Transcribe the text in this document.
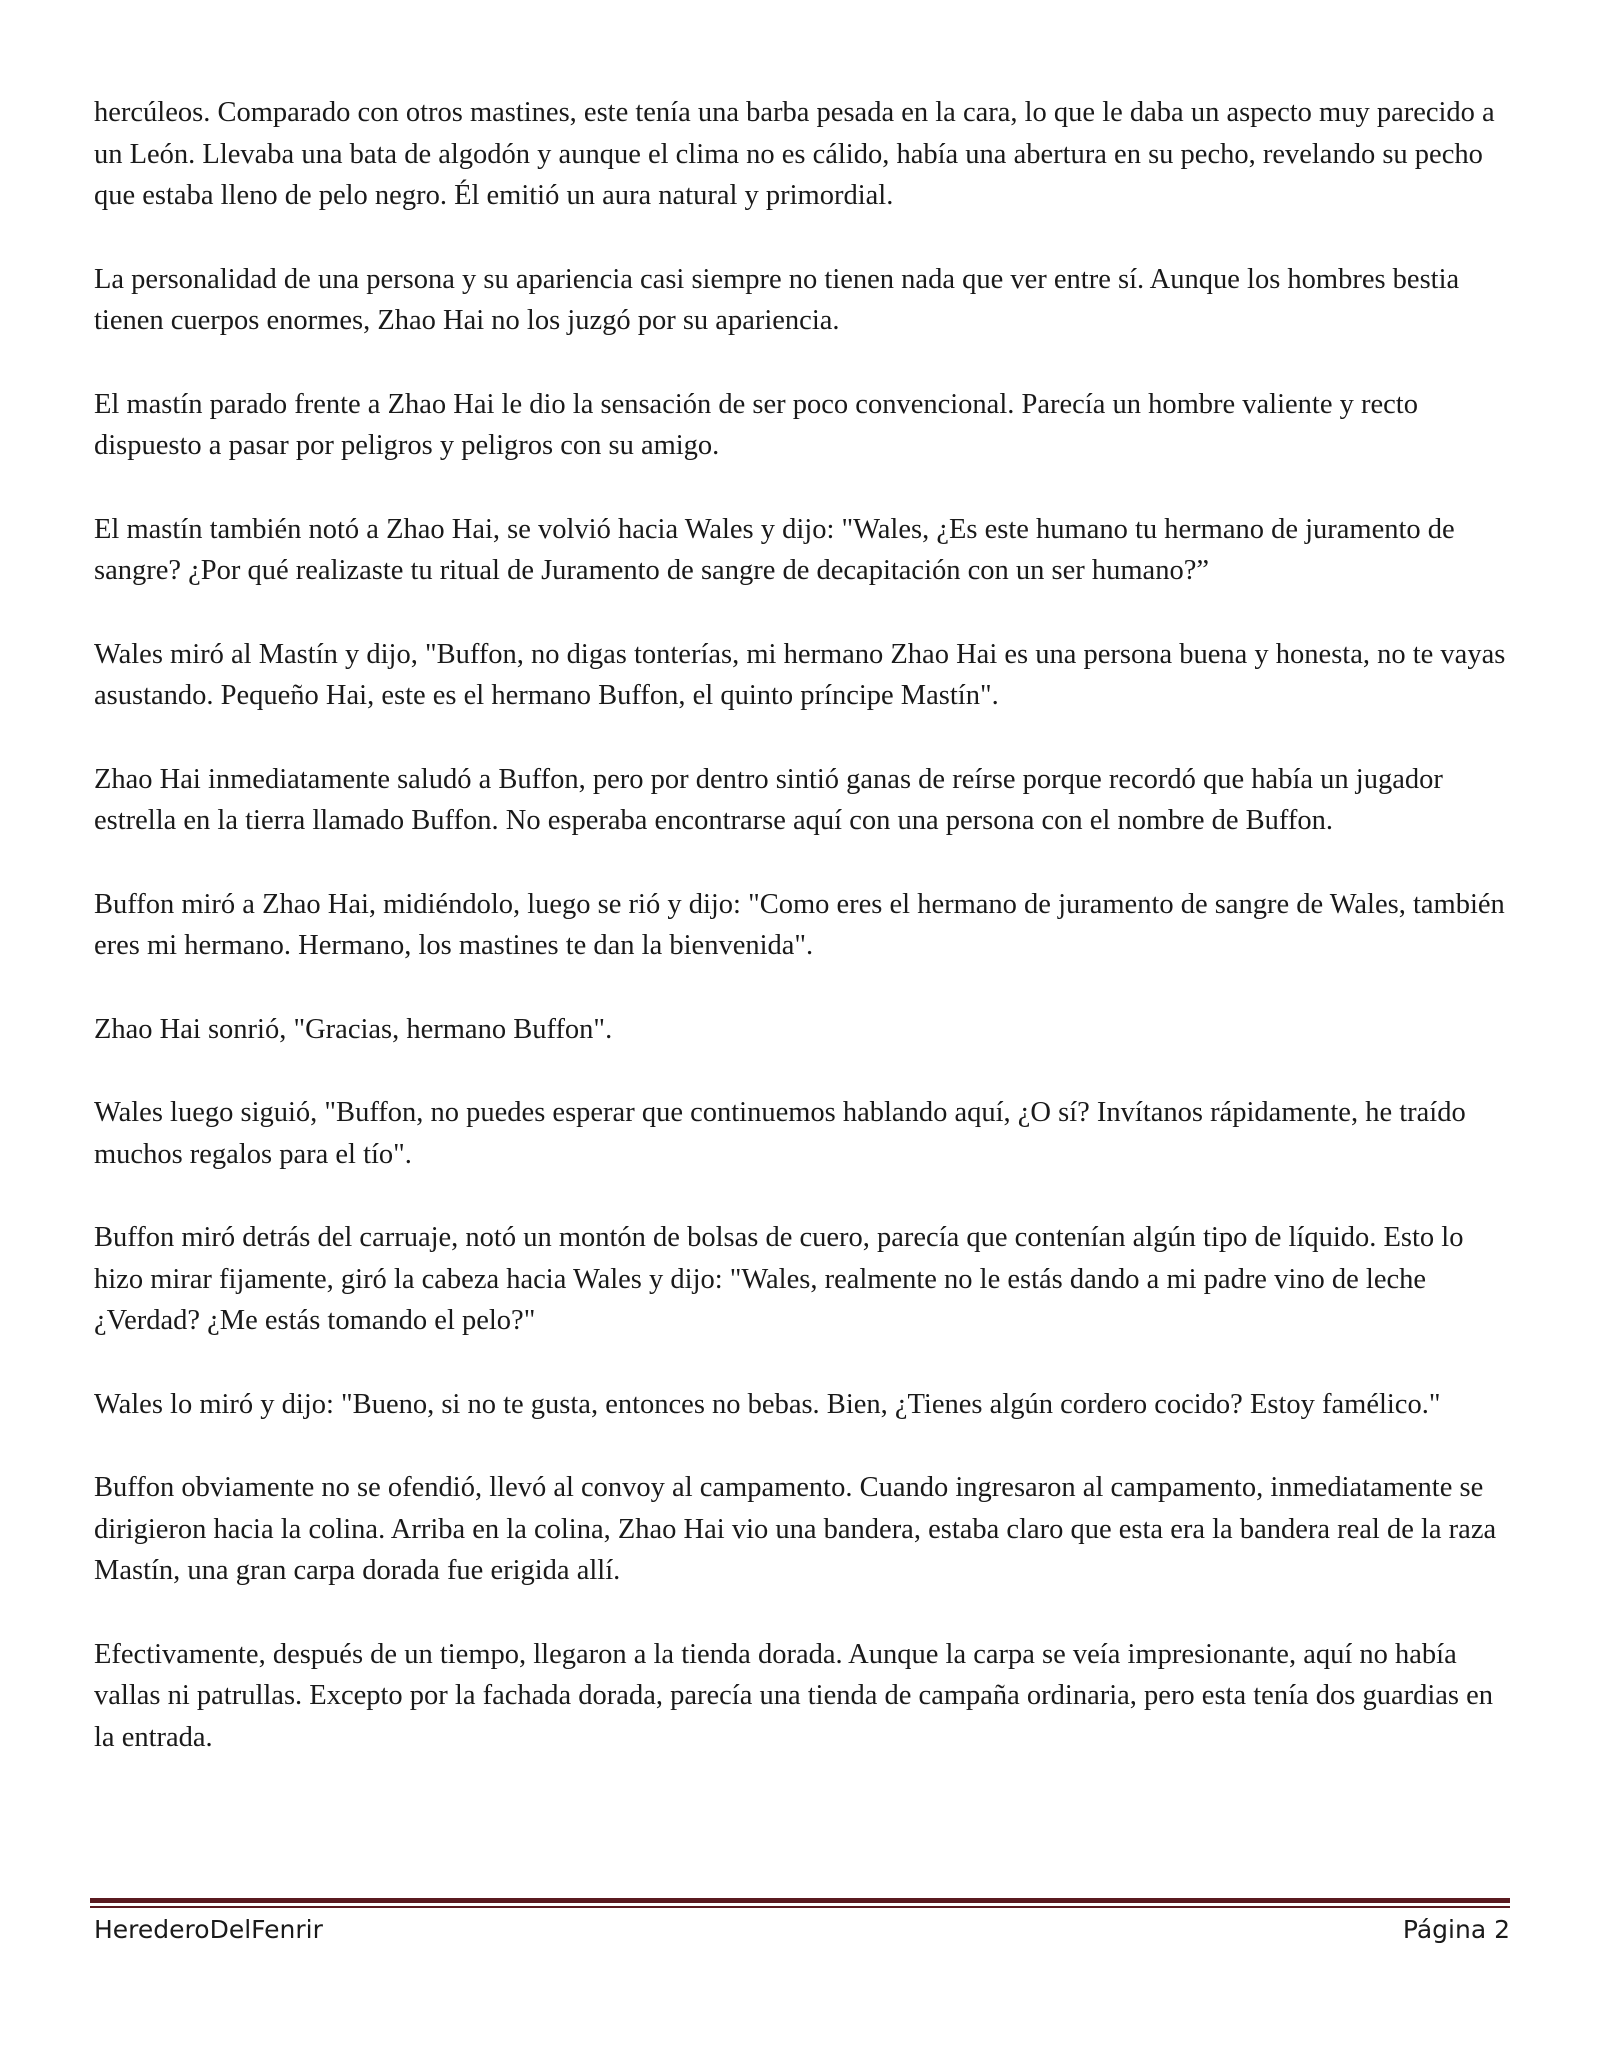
hercúleos. Comparado con otros mastines, este tenía una barba pesada en la cara, lo que le daba un aspecto muy parecido a un León. Llevaba una bata de algodón y aunque el clima no es cálido, había una abertura en su pecho, revelando su pecho que estaba lleno de pelo negro. Él emitió un aura natural y primordial.

La personalidad de una persona y su apariencia casi siempre no tienen nada que ver entre sí. Aunque los hombres bestia tienen cuerpos enormes, Zhao Hai no los juzgó por su apariencia.

El mastín parado frente a Zhao Hai le dio la sensación de ser poco convencional. Parecía un hombre valiente y recto dispuesto a pasar por peligros y peligros con su amigo.

El mastín también notó a Zhao Hai, se volvió hacia Wales y dijo: "Wales, ¿Es este humano tu hermano de juramento de sangre? ¿Por qué realizaste tu ritual de Juramento de sangre de decapitación con un ser humano?”

Wales miró al Mastín y dijo, "Buffon, no digas tonterías, mi hermano Zhao Hai es una persona buena y honesta, no te vayas asustando. Pequeño Hai, este es el hermano Buffon, el quinto príncipe Mastín".

Zhao Hai inmediatamente saludó a Buffon, pero por dentro sintió ganas de reírse porque recordó que había un jugador estrella en la tierra llamado Buffon. No esperaba encontrarse aquí con una persona con el nombre de Buffon.

Buffon miró a Zhao Hai, midiéndolo, luego se rió y dijo: "Como eres el hermano de juramento de sangre de Wales, también eres mi hermano. Hermano, los mastines te dan la bienvenida".

Zhao Hai sonrió, "Gracias, hermano Buffon".

Wales luego siguió, "Buffon, no puedes esperar que continuemos hablando aquí, ¿O sí? Invítanos rápidamente, he traído muchos regalos para el tío".

Buffon miró detrás del carruaje, notó un montón de bolsas de cuero, parecía que contenían algún tipo de líquido. Esto lo hizo mirar fijamente, giró la cabeza hacia Wales y dijo: "Wales, realmente no le estás dando a mi padre vino de leche ¿Verdad? ¿Me estás tomando el pelo?"

Wales lo miró y dijo: "Bueno, si no te gusta, entonces no bebas. Bien, ¿Tienes algún cordero cocido? Estoy famélico."

Buffon obviamente no se ofendió, llevó al convoy al campamento. Cuando ingresaron al campamento, inmediatamente se dirigieron hacia la colina. Arriba en la colina, Zhao Hai vio una bandera, estaba claro que esta era la bandera real de la raza Mastín, una gran carpa dorada fue erigida allí.

Efectivamente, después de un tiempo, llegaron a la tienda dorada. Aunque la carpa se veía impresionante, aquí no había vallas ni patrullas. Excepto por la fachada dorada, parecía una tienda de campaña ordinaria, pero esta tenía dos guardias en la entrada.

HerederoDelFenrir	Página 2
